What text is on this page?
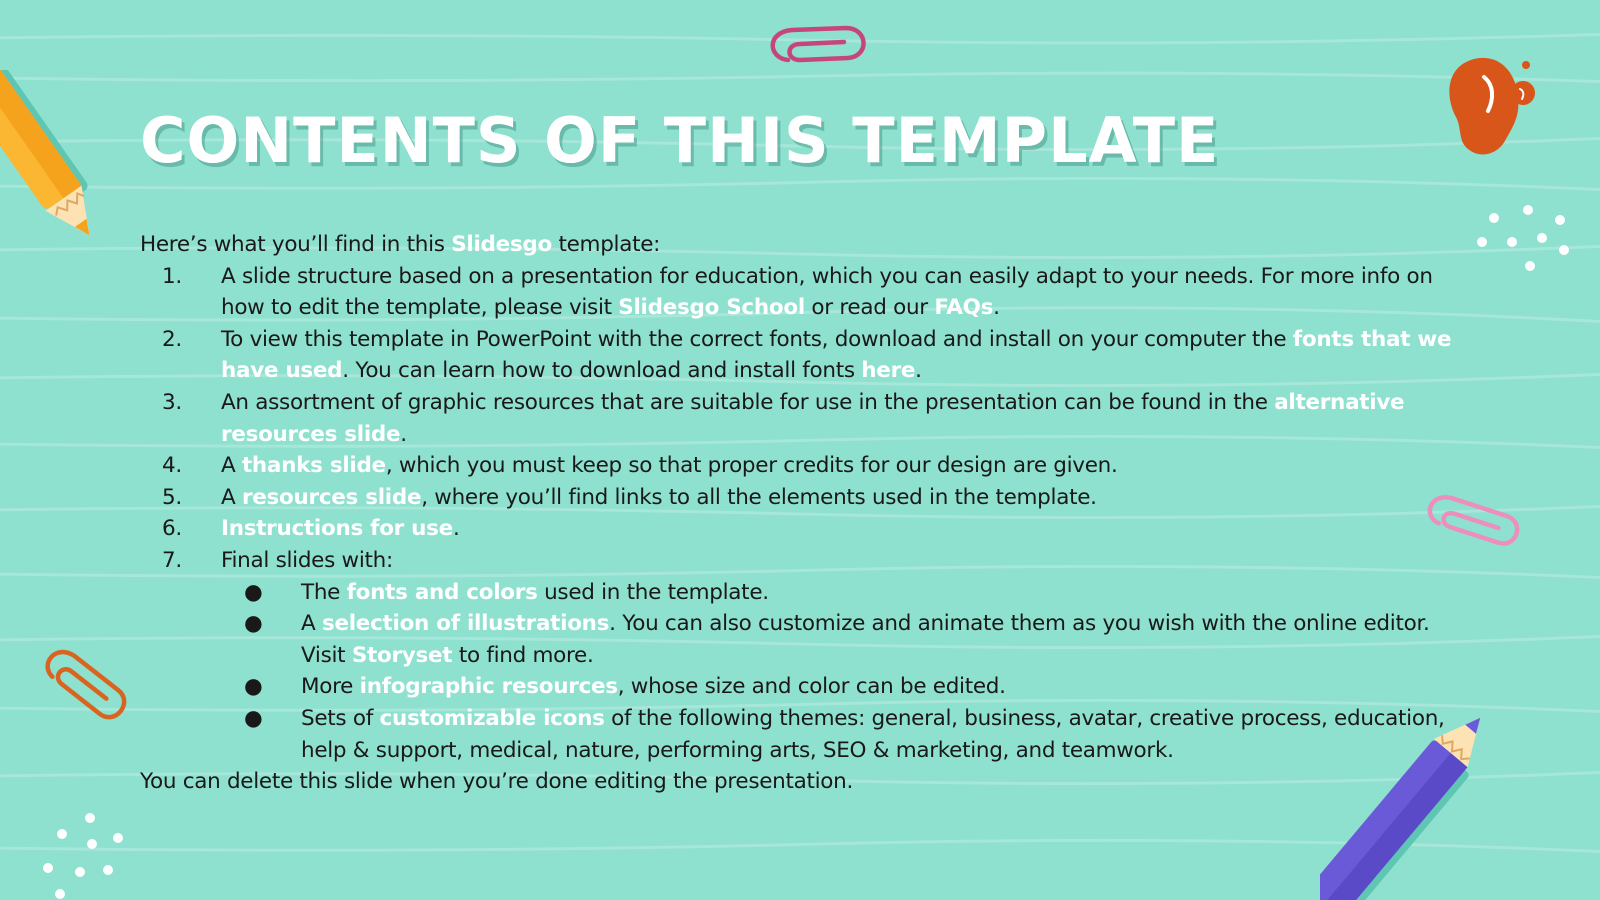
CONTENTS OF THIS TEMPLATE

Here’s what you’ll find in this Slidesgo template:

1. A slide structure based on a presentation for education, which you can easily adapt to your needs. For more info on how to edit the template, please visit Slidesgo School or read our FAQs.
2. To view this template in PowerPoint with the correct fonts, download and install on your computer the fonts that we have used. You can learn how to download and install fonts here.
3. An assortment of graphic resources that are suitable for use in the presentation can be found in the alternative resources slide.
4. A thanks slide, which you must keep so that proper credits for our design are given.
5. A resources slide, where you’ll find links to all the elements used in the template.
6. Instructions for use.
7. Final slides with:
● The fonts and colors used in the template.
● A selection of illustrations. You can also customize and animate them as you wish with the online editor. Visit Storyset to find more.
● More infographic resources, whose size and color can be edited.
● Sets of customizable icons of the following themes: general, business, avatar, creative process, education, help & support, medical, nature, performing arts, SEO & marketing, and teamwork.

You can delete this slide when you’re done editing the presentation.
